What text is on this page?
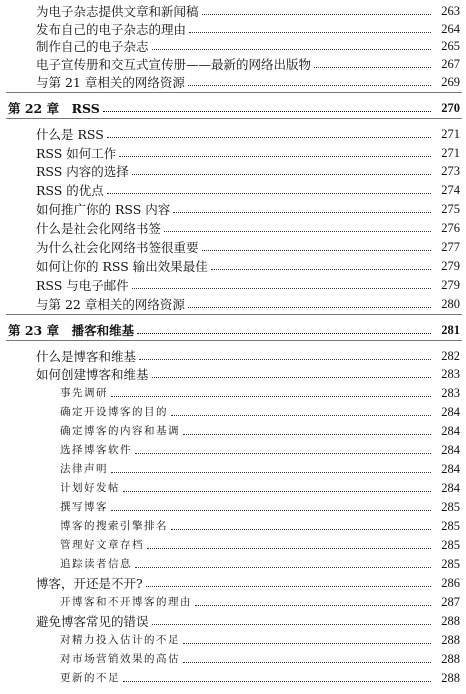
为电子杂志提供文章和新闻稿	263
发布自己的电子杂志的理由	264
制作自己的电子杂志	265
电子宣传册和交互式宣传册——最新的网络出版物	267
与第 21 章相关的网络资源	269
第 22 章　RSS	270
什么是 RSS	271
RSS 如何工作	271
RSS 内容的选择	273
RSS 的优点	274
如何推广你的 RSS 内容	275
什么是社会化网络书签	276
为什么社会化网络书签很重要	277
如何让你的 RSS 输出效果最佳	279
RSS 与电子邮件	279
与第 22 章相关的网络资源	280
第 23 章　播客和维基	281
什么是博客和维基	282
如何创建博客和维基	283
事先调研	283
确定开设博客的目的	284
确定博客的内容和基调	284
选择博客软件	284
法律声明	284
计划好发帖	284
撰写博客	285
博客的搜索引擎排名	285
管理好文章存档	285
追踪读者信息	285
博客，开还是不开?	286
开博客和不开博客的理由	287
避免博客常见的错误	288
对精力投入估计的不足	288
对市场营销效果的高估	288
更新的不足	288
